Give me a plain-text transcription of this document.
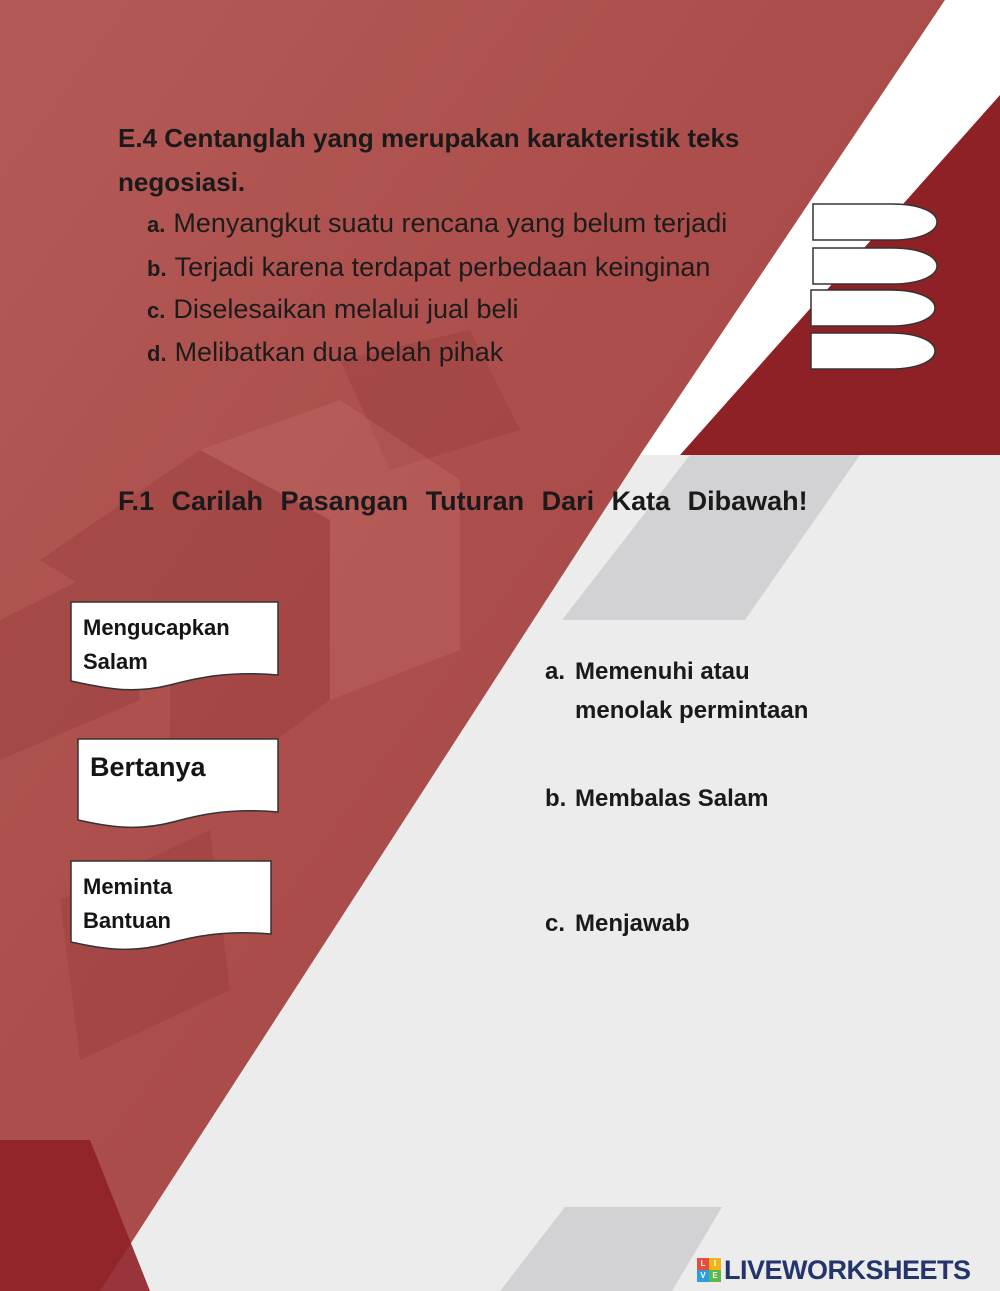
E.4 Centanglah yang merupakan karakteristik teks
negosiasi.
a. Menyangkut suatu rencana yang belum terjadi
b. Terjadi karena terdapat perbedaan keinginan
c. Diselesaikan melalui jual beli
d. Melibatkan dua belah pihak
F.1 Carilah Pasangan Tuturan Dari Kata Dibawah!
Mengucapkan
Salam
Bertanya
Meminta
Bantuan
a. Memenuhi atau
menolak permintaan
b. Membalas Salam
c. Menjawab
L	I
V E LIVEWORKSHEETS
